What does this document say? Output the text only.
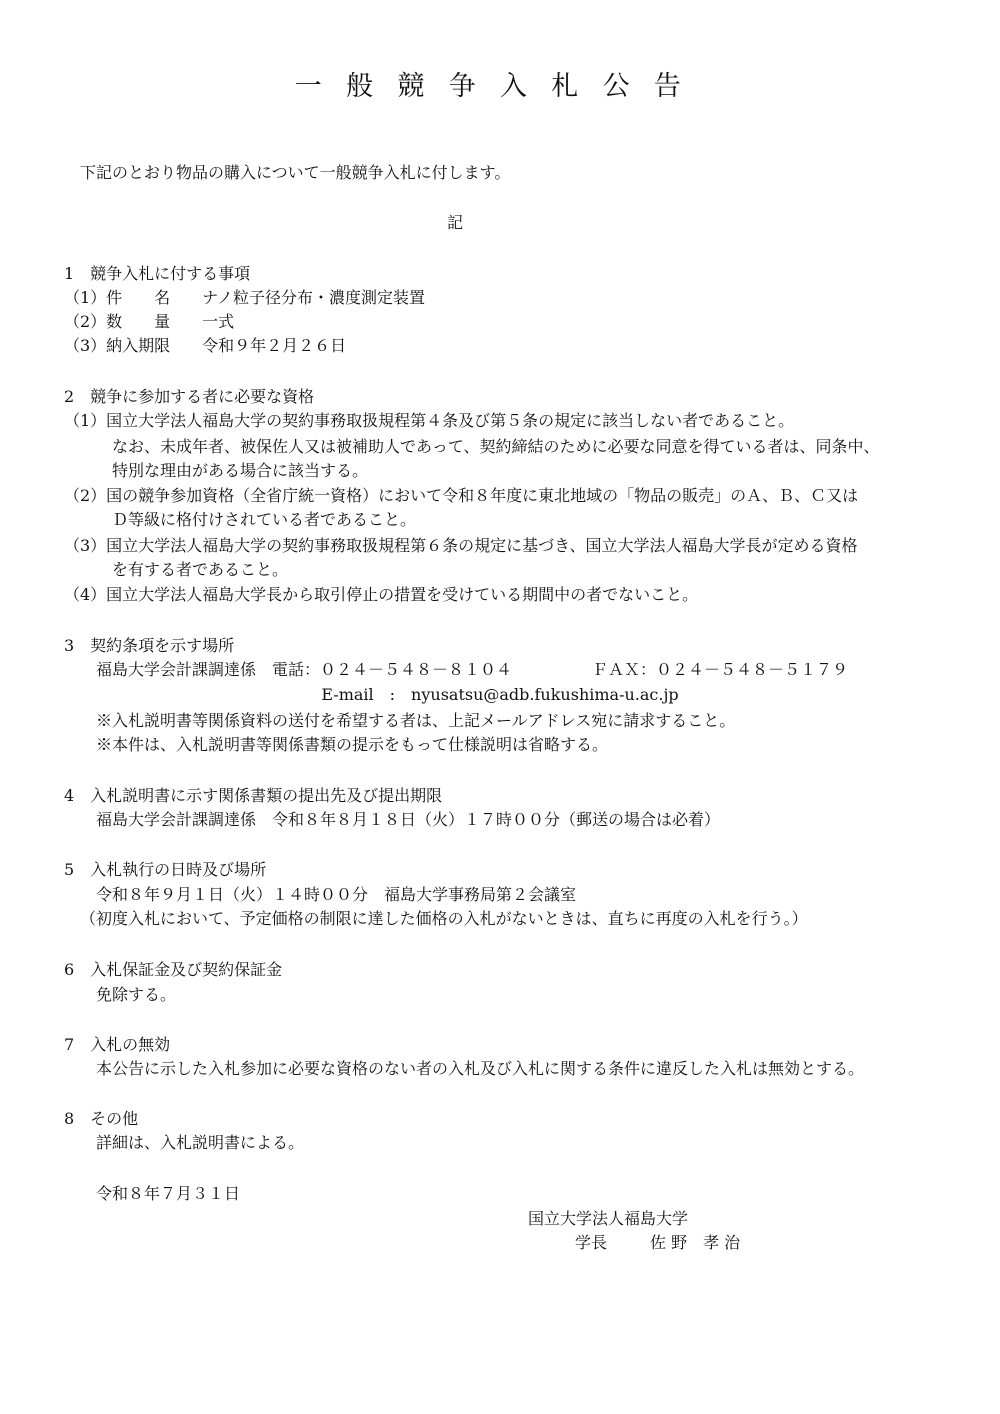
一般競争入札公告
下記のとおり物品の購入について一般競争入札に付します。
記
1　競争入札に付する事項
（1）件　　名　　ナノ粒子径分布・濃度測定装置
（2）数　　量　　一式
（3）納入期限　　令和９年２月２６日
2　競争に参加する者に必要な資格
（1）国立大学法人福島大学の契約事務取扱規程第４条及び第５条の規定に該当しない者であること。
なお、未成年者、被保佐人又は被補助人であって、契約締結のために必要な同意を得ている者は、同条中、
特別な理由がある場合に該当する。
（2）国の競争参加資格（全省庁統一資格）において令和８年度に東北地域の「物品の販売」のＡ、Ｂ、Ｃ又は
Ｄ等級に格付けされている者であること。
（3）国立大学法人福島大学の契約事務取扱規程第６条の規定に基づき、国立大学法人福島大学長が定める資格
を有する者であること。
（4）国立大学法人福島大学長から取引停止の措置を受けている期間中の者でないこと。
3　契約条項を示す場所
福島大学会計課調達係　電話：０２４－５４８－８１０４	ＦＡＸ：０２４－５４８－５１７９
E-mail　:　nyusatsu@adb.fukushima-u.ac.jp
※入札説明書等関係資料の送付を希望する者は、上記メールアドレス宛に請求すること。
※本件は、入札説明書等関係書類の提示をもって仕様説明は省略する。
4　入札説明書に示す関係書類の提出先及び提出期限
福島大学会計課調達係　令和８年８月１８日（火）１７時００分（郵送の場合は必着）
5　入札執行の日時及び場所
令和８年９月１日（火）１４時００分　福島大学事務局第２会議室
（初度入札において、予定価格の制限に達した価格の入札がないときは、直ちに再度の入札を行う。）
6　入札保証金及び契約保証金
免除する。
7　入札の無効
本公告に示した入札参加に必要な資格のない者の入札及び入札に関する条件に違反した入札は無効とする。
8　その他
詳細は、入札説明書による。
令和８年７月３１日
国立大学法人福島大学
学長	佐 野　孝 治
